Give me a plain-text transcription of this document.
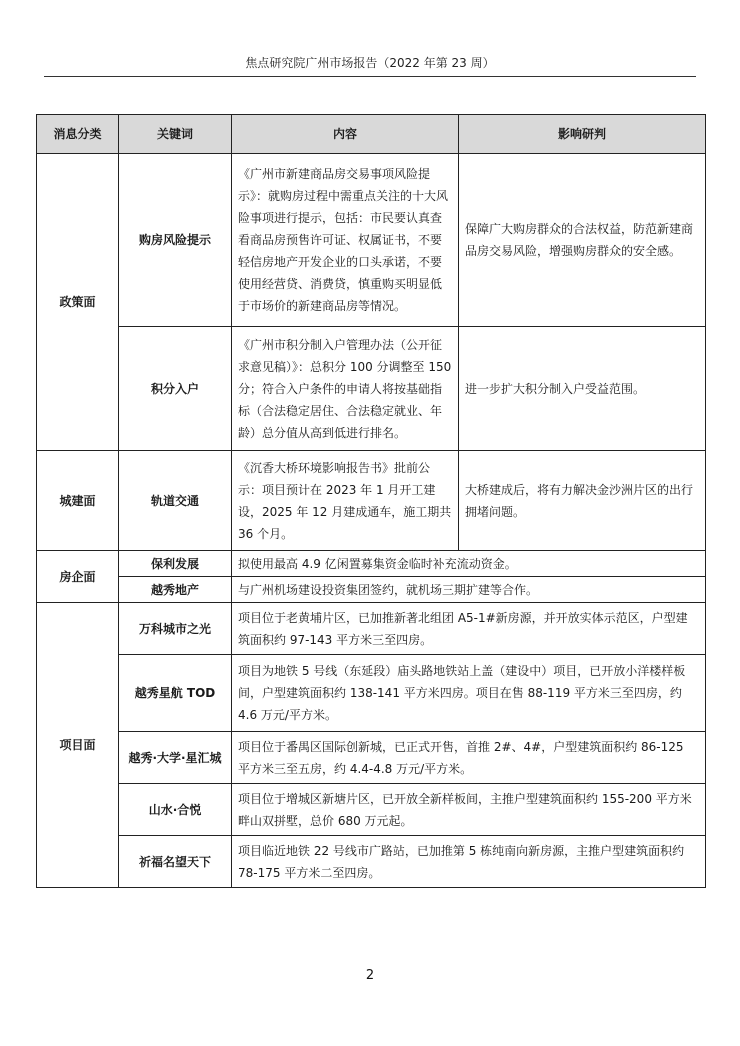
焦点研究院广州市场报告（2022 年第 23 周）
消息分类	关键词	内容	影响研判
政策面	购房风险提示	《广州市新建商品房交易事项风险提示》：就购房过程中需重点关注的十大风险事项进行提示，包括：市民要认真查看商品房预售许可证、权属证书，不要轻信房地产开发企业的口头承诺，不要使用经营贷、消费贷，慎重购买明显低于市场价的新建商品房等情况。	保障广大购房群众的合法权益，防范新建商品房交易风险，增强购房群众的安全感。
	积分入户	《广州市积分制入户管理办法（公开征求意见稿）》：总积分 100 分调整至 150 分；符合入户条件的申请人将按基础指标（合法稳定居住、合法稳定就业、年龄）总分值从高到低进行排名。	进一步扩大积分制入户受益范围。
城建面	轨道交通	《沉香大桥环境影响报告书》批前公示：项目预计在 2023 年 1 月开工建设，2025 年 12 月建成通车，施工期共 36 个月。	大桥建成后，将有力解决金沙洲片区的出行拥堵问题。
房企面	保利发展	拟使用最高 4.9 亿闲置募集资金临时补充流动资金。	
	越秀地产	与广州机场建设投资集团签约，就机场三期扩建等合作。	
项目面	万科城市之光	项目位于老黄埔片区，已加推新著北组团 A5-1#新房源，并开放实体示范区，户型建筑面积约 97-143 平方米三至四房。	
	越秀星航 TOD	项目为地铁 5 号线（东延段）庙头路地铁站上盖（建设中）项目，已开放小洋楼样板间，户型建筑面积约 138-141 平方米四房。项目在售 88-119 平方米三至四房，约 4.6 万元/平方米。	
	越秀·大学·星汇城	项目位于番禺区国际创新城，已正式开售，首推 2#、4#，户型建筑面积约 86-125 平方米三至五房，约 4.4-4.8 万元/平方米。	
	山水·合悦	项目位于增城区新塘片区，已开放全新样板间，主推户型建筑面积约 155-200 平方米畔山双拼墅，总价 680 万元起。	
	祈福名望天下	项目临近地铁 22 号线市广路站，已加推第 5 栋纯南向新房源，主推户型建筑面积约 78-175 平方米二至四房。	
2
